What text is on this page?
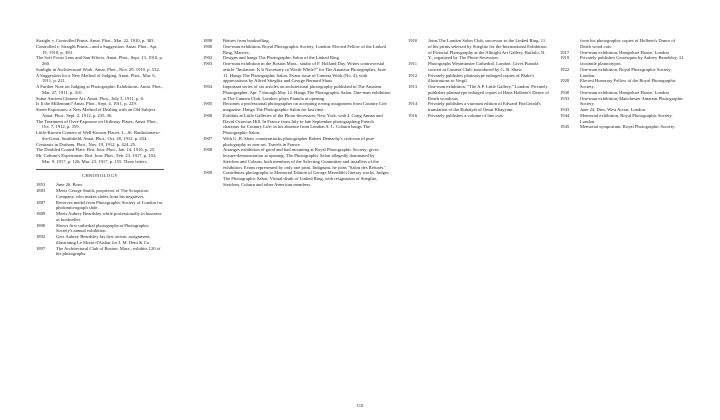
Straight v. Controlled Prints. Amat. Phot., Mar. 22, 1910, p. 303.
Controlled v. Straight Prints—and a Suggestion. Amat. Phot., Apr. 19, 1910, p. 393.
The Soft Focus Lens and Sun Effects. Amat. Phot., Sept. 13, 1910, p. 260.
Sunlight in Architectural Work. Amat. Phot., Nov. 29, 1910, p. 532.
A Suggestion for a New Method of Judging. Amat. Phot., Mar. 6, 1911, p. 221.
A Further Note on Judging at Photographic Exhibitions. Amat. Phot., Mar. 27, 1911, p. 310.
Some Ancient Chinese Art. Amat. Phot., July 3, 1911, p. 6.
Is It the Millenium? Amat. Phot., Sept. 4, 1911, p. 229.
Street Exposures: a New Method of Dealing with an Old Subject. Amat. Phot., Sept. 2, 1912, p. 235–36.
The Treatment of Over-Exposure on Ordinary Plates. Amat. Phot., Oct. 7, 1912, p. 359.
Little-Known Corners of Well-Known Places: I—St. Bartholomew-the-Great, Smithfield. Amat. Phot., Oct. 28, 1912, p. 434.
Contrasts in Durham. Phot., Nov. 19, 1912, p. 424–25.
The Doubled Coated Plate. Brit. Jour. Phot., Jan. 14, 1916, p. 25.
Mr. Coburn's Experiment. Brit. Jour. Phot., Feb. 23, 1917, p. 102; Mar. 9, 1917, p. 126; Mar. 23, 1917, p. 155. Three letters.
CHRONOLOGY
1853	June 26. Born.
1883	Meets George Smith, proprietor of The Sciopticon Company, who makes slides from his negatives.
1887	Receives medal from Photographic Society of London for photomicrograph slide.
1889	Meets Aubrey Beardsley while professionally in business as bookseller.
1890	Shows first cathedral photographs at Photographic Society's annual exhibition.
1892	Gets Aubrey Beardsley his first artistic assignment: illustrating Le Morte d'Arthur for J. M. Dent & Co.
1897	The Architectural Club of Boston, Mass., exhibits 120 of his photographs.
1898	Retires from bookselling.
1900	One-man exhibition, Royal Photographic Society, London. Elected Fellow of the Linked Ring, Marries.
1902	Designs and hangs The Photographic Salon of the Linked Ring.
1903	One-man exhibition in the Boston Mass., studio of F. Holland Day. Writes controversial article "Imitation: Is It Necessary or Worth While?" for The Amateur Photographer, June 11. Hangs The Photographic Salon. Evans issue of Camera Work (No. 4), with appreciations by Alfred Stieglitz and George Bernard Shaw.
1904	Important series of six articles on architectural photography published in The Amateur Photographer, Apr. 7 through May 12. Hangs The Photographic Salon. One-man exhibition at The Camera Club, London; plays Pianola at opening.
1905	Becomes a professional photographer on accepting roving assignment from Country Life magazine. Hangs The Photographic Salon for last time.
1906	Exhibits at Little Galleries of the Photo-Secession, New York, with J. Craig Annan and David Octavius Hill. In France from July to late September photographing French chateaux for Country Life; in his absence from London A. L. Coburn hangs The Photographic Salon.
1907	With G. B. Shaw counterattacks photographer Robert Demachy's criticism of pure photography as non-art. Travels in France.
1908	Arranges exhibition of good and bad mounting at Royal Photographic Society; gives lecture-demonstration at opening. The Photographic Salon allegedly dominated by Steichen and Coburn, both members of the Selecting Committee and installers of the exhibition. Evans represented by only one print. Indignant, he joins "Salon des Refusés."
1909	Contributes photographs to Memorial Edition of George Meredith's literary works. Judges The Photographic Salon. Virtual death of Linked Ring, with resignation of Stieglitz, Steichen, Coburn and other American members.
1910	Joins The London Salon Club, successor to the Linked Ring. 11 of his prints selected by Stieglitz for the International Exhibition of Pictorial Photography at the Albright Art Gallery, Buffalo, N. Y., organized by The Photo-Secession.
1911	Photographs Westminster Cathedral, London. Gives Pianola concert at Camera Club; introduced by G. B. Shaw.
1912	Privately publishes platinotype enlarged copies of Blake's illustrations to Vergil.
1913	One-man exhibition, "The A.P. Little Gallery," London. Privately publishes platinotype enlarged copies of Hans Holbein's Dance of Death woodcuts.
1914	Privately publishes a varorum edition of Edward FitzGerald's translation of the Rubáiyát of Omar Khayyam.
1916	Privately publishes a volume of line cuts
from his photographic copies of Holbein's Dance of Death wood cuts.
1917	One-man exhibition, Hampshire House, London.
1919	Privately publishes Grotesques by Aubrey Beardsley, 12 facsimile platinotypes.
1922	One-man exhibition, Royal Photographic Society, London.
1928	Elected Honorary Fellow of the Royal Photographic Society.
1930	One-man exhibition, Hampshire House, London.
1933	One-man exhibition, Manchester Amateur Photographic Society.
1943	June 24. Dies, West Acton, London.
1944	Memorial exhibition, Royal Photographic Society, London.
1945	Memorial symposium, Royal Photographic Society.
110
